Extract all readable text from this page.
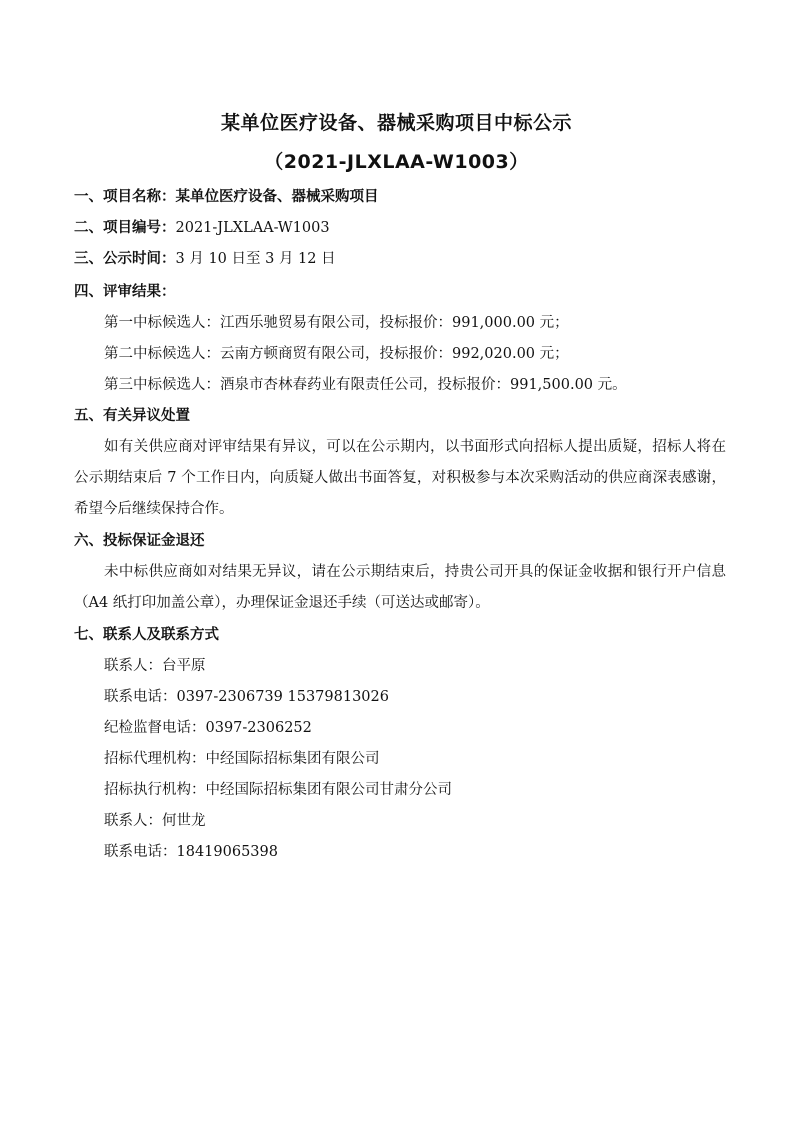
某单位医疗设备、器械采购项目中标公示
（2021-JLXLAA-W1003）
一、项目名称：某单位医疗设备、器械采购项目
二、项目编号：2021-JLXLAA-W1003
三、公示时间：3 月 10 日至 3 月 12 日
四、评审结果：
第一中标候选人：江西乐驰贸易有限公司，投标报价：991,000.00 元；
第二中标候选人：云南方顿商贸有限公司，投标报价：992,020.00 元；
第三中标候选人：酒泉市杏林春药业有限责任公司，投标报价：991,500.00 元。
五、有关异议处置
如有关供应商对评审结果有异议，可以在公示期内，以书面形式向招标人提出质疑，招标人将在公示期结束后 7 个工作日内，向质疑人做出书面答复，对积极参与本次采购活动的供应商深表感谢，希望今后继续保持合作。
六、投标保证金退还
未中标供应商如对结果无异议，请在公示期结束后，持贵公司开具的保证金收据和银行开户信息（A4 纸打印加盖公章），办理保证金退还手续（可送达或邮寄）。
七、联系人及联系方式
联系人：台平原
联系电话：0397-2306739 15379813026
纪检监督电话：0397-2306252
招标代理机构：中经国际招标集团有限公司
招标执行机构：中经国际招标集团有限公司甘肃分公司
联系人：何世龙
联系电话：18419065398
